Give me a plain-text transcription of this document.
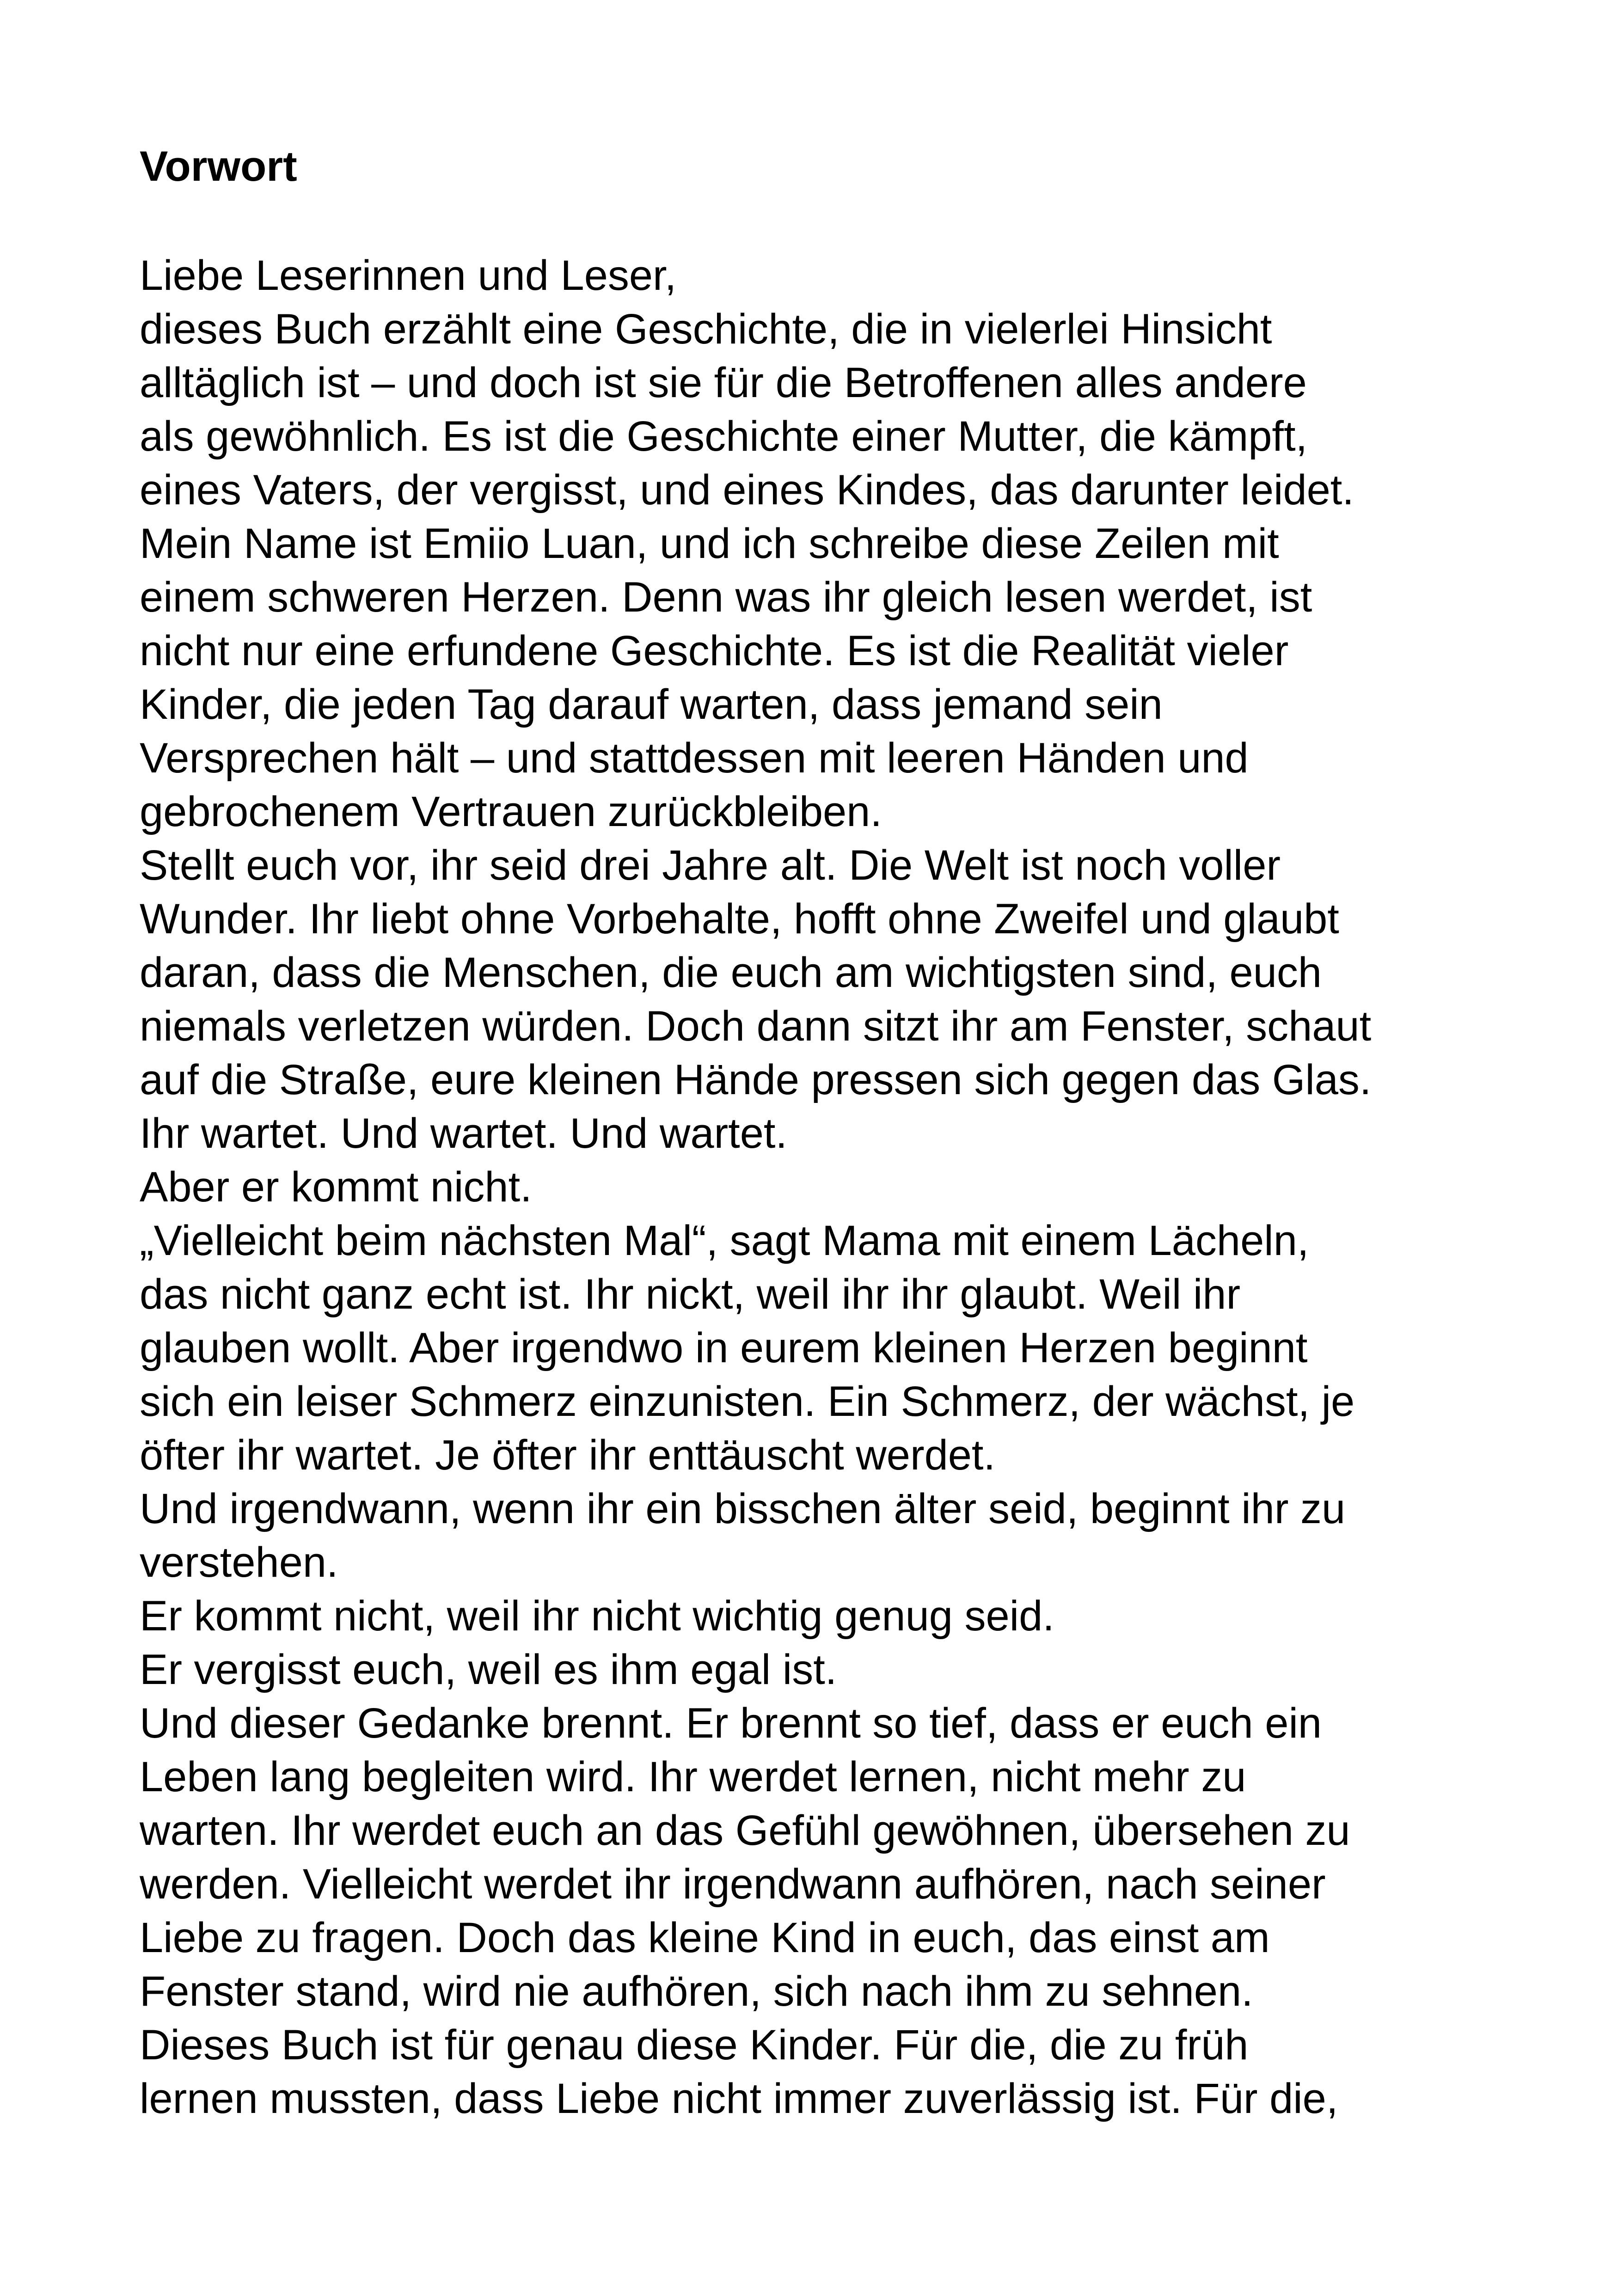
Vorwort
Liebe Leserinnen und Leser,
dieses Buch erzählt eine Geschichte, die in vielerlei Hinsicht
alltäglich ist – und doch ist sie für die Betroffenen alles andere
als gewöhnlich. Es ist die Geschichte einer Mutter, die kämpft,
eines Vaters, der vergisst, und eines Kindes, das darunter leidet.
Mein Name ist Emiio Luan, und ich schreibe diese Zeilen mit
einem schweren Herzen. Denn was ihr gleich lesen werdet, ist
nicht nur eine erfundene Geschichte. Es ist die Realität vieler
Kinder, die jeden Tag darauf warten, dass jemand sein
Versprechen hält – und stattdessen mit leeren Händen und
gebrochenem Vertrauen zurückbleiben.
Stellt euch vor, ihr seid drei Jahre alt. Die Welt ist noch voller
Wunder. Ihr liebt ohne Vorbehalte, hofft ohne Zweifel und glaubt
daran, dass die Menschen, die euch am wichtigsten sind, euch
niemals verletzen würden. Doch dann sitzt ihr am Fenster, schaut
auf die Straße, eure kleinen Hände pressen sich gegen das Glas.
Ihr wartet. Und wartet. Und wartet.
Aber er kommt nicht.
„Vielleicht beim nächsten Mal“, sagt Mama mit einem Lächeln,
das nicht ganz echt ist. Ihr nickt, weil ihr ihr glaubt. Weil ihr
glauben wollt. Aber irgendwo in eurem kleinen Herzen beginnt
sich ein leiser Schmerz einzunisten. Ein Schmerz, der wächst, je
öfter ihr wartet. Je öfter ihr enttäuscht werdet.
Und irgendwann, wenn ihr ein bisschen älter seid, beginnt ihr zu
verstehen.
Er kommt nicht, weil ihr nicht wichtig genug seid.
Er vergisst euch, weil es ihm egal ist.
Und dieser Gedanke brennt. Er brennt so tief, dass er euch ein
Leben lang begleiten wird. Ihr werdet lernen, nicht mehr zu
warten. Ihr werdet euch an das Gefühl gewöhnen, übersehen zu
werden. Vielleicht werdet ihr irgendwann aufhören, nach seiner
Liebe zu fragen. Doch das kleine Kind in euch, das einst am
Fenster stand, wird nie aufhören, sich nach ihm zu sehnen.
Dieses Buch ist für genau diese Kinder. Für die, die zu früh
lernen mussten, dass Liebe nicht immer zuverlässig ist. Für die,
